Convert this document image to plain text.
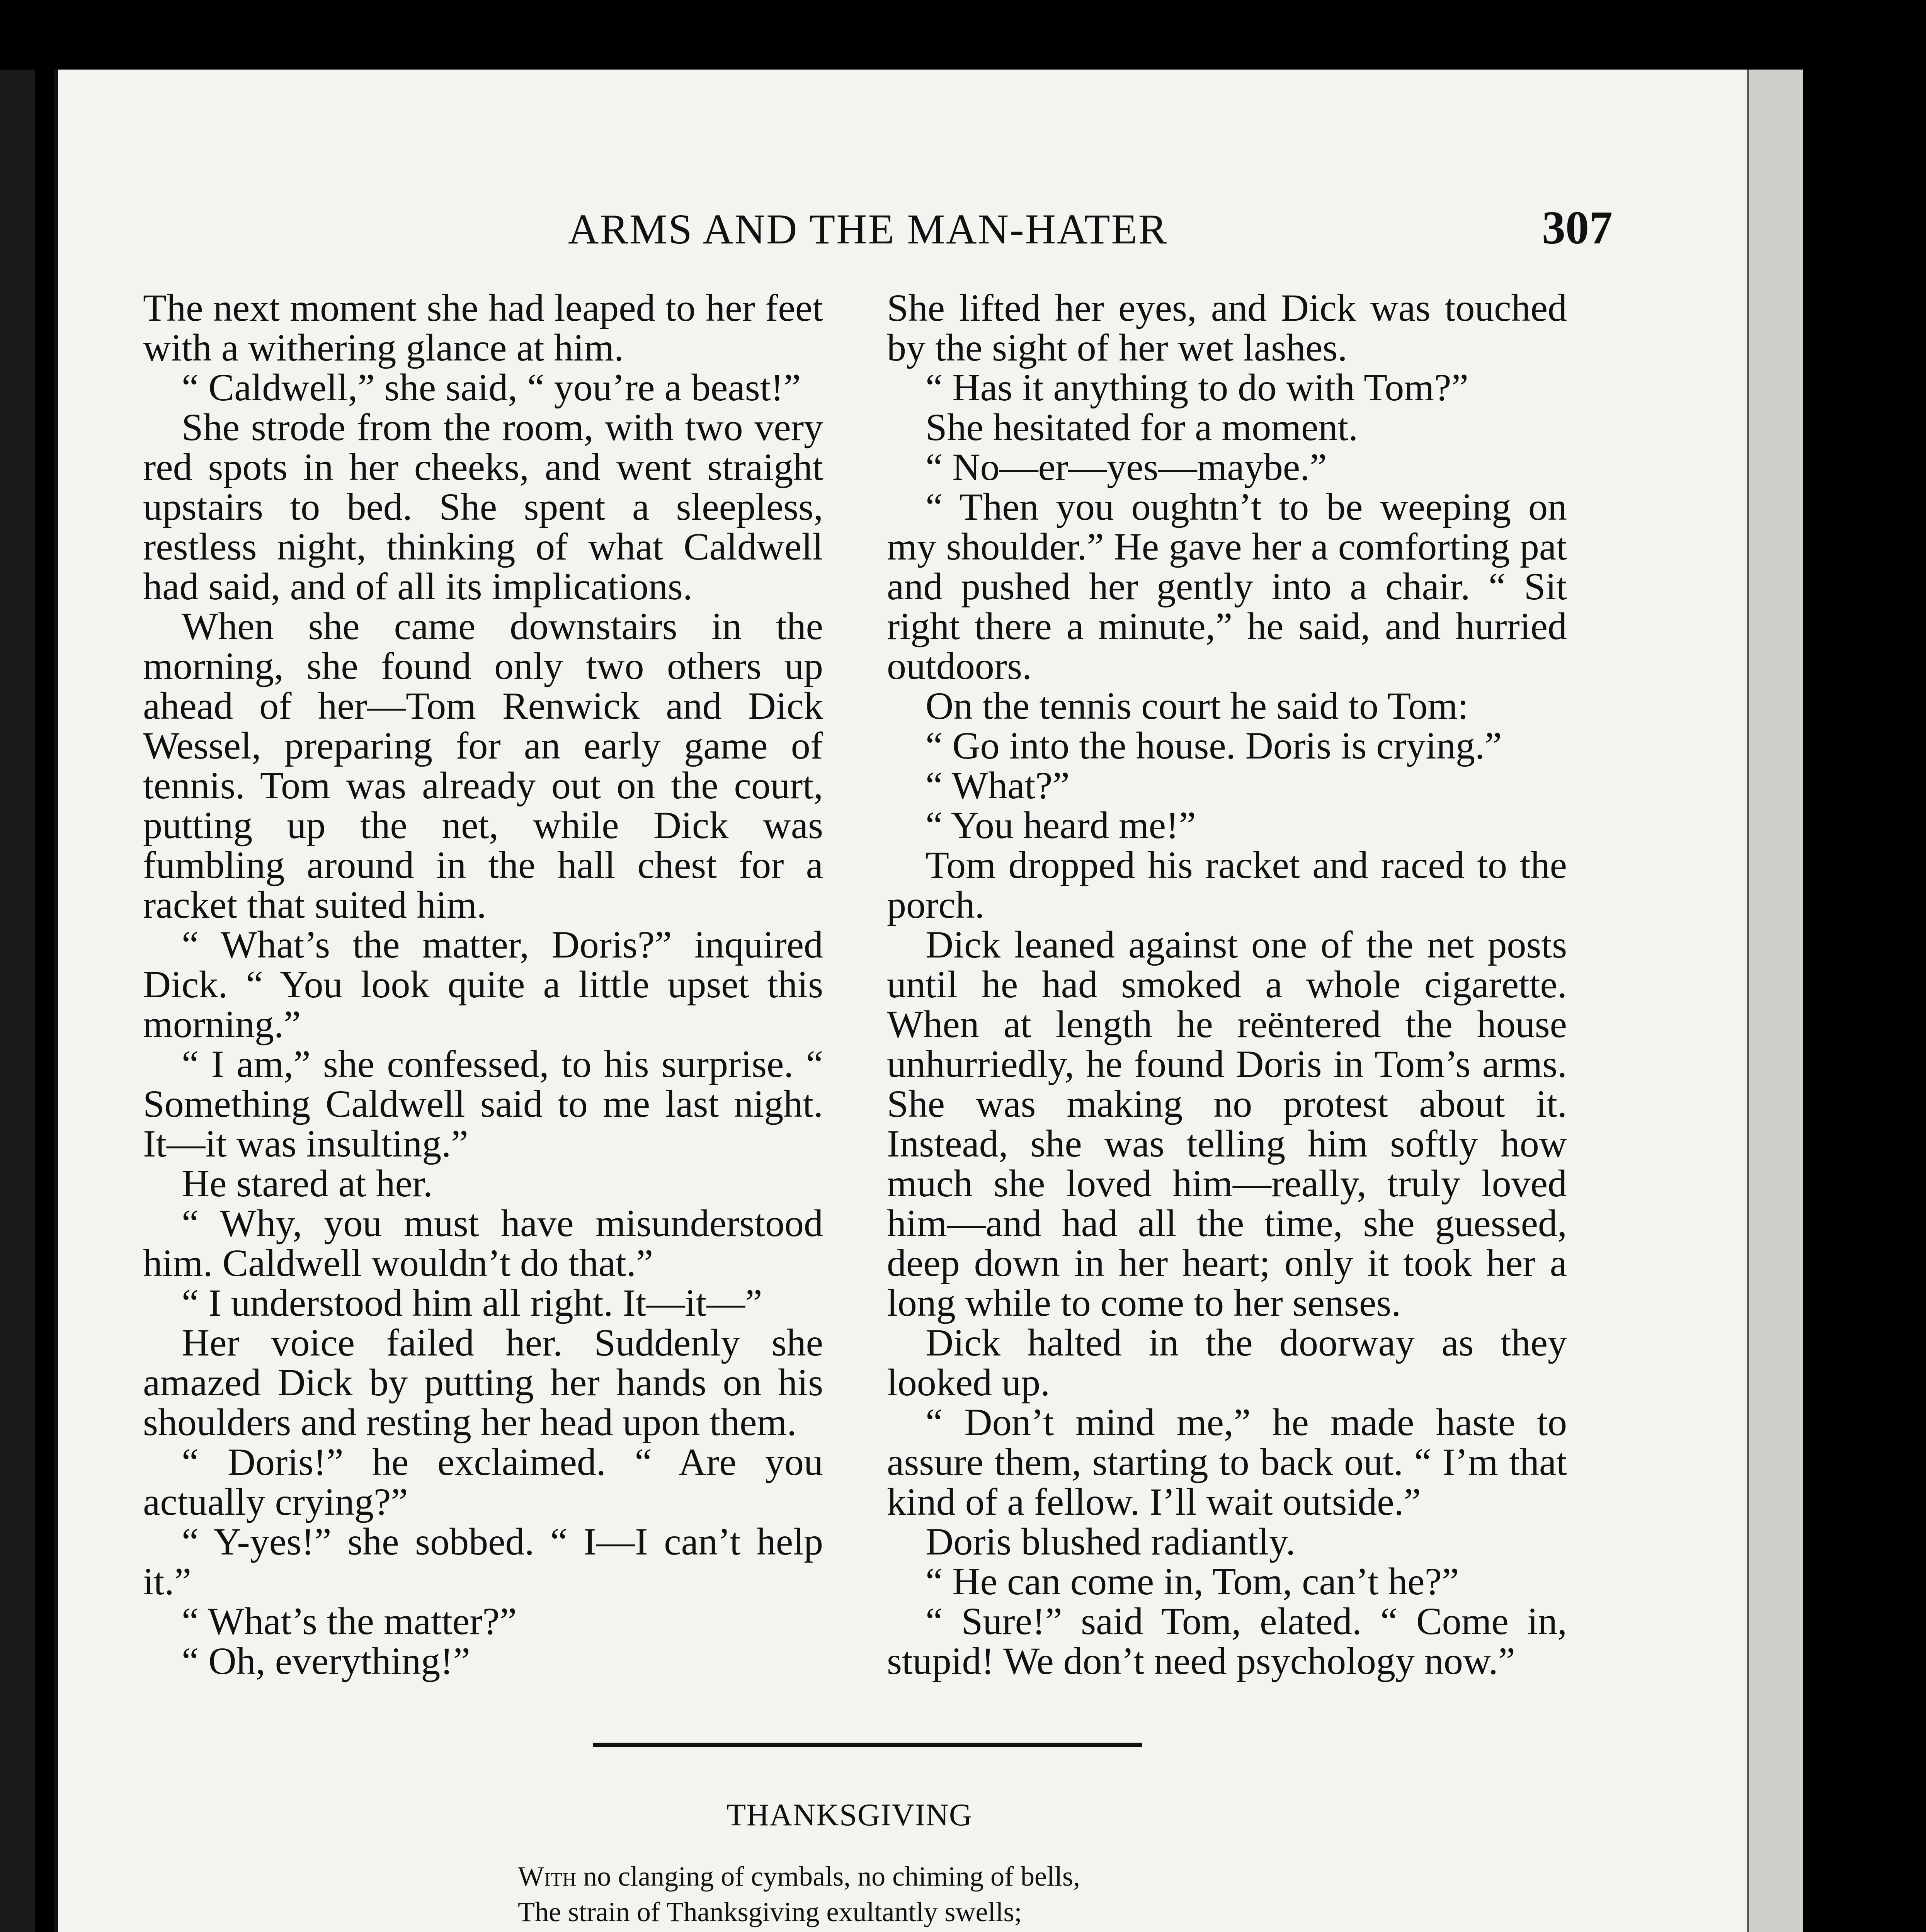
ARMS AND THE MAN-HATER	307

The next moment she had leaped to her feet with a withering glance at him.

“ Caldwell,” she said, “ you’re a beast!”

She strode from the room, with two very red spots in her cheeks, and went straight upstairs to bed. She spent a sleepless, restless night, thinking of what Caldwell had said, and of all its implications.

When she came downstairs in the morning, she found only two others up ahead of her—Tom Renwick and Dick Wessel, preparing for an early game of tennis. Tom was already out on the court, putting up the net, while Dick was fumbling around in the hall chest for a racket that suited him.

“ What’s the matter, Doris?” inquired Dick. “ You look quite a little upset this morning.”

“ I am,” she confessed, to his surprise. “ Something Caldwell said to me last night. It—it was insulting.”

He stared at her.

“ Why, you must have misunderstood him. Caldwell wouldn’t do that.”

“ I understood him all right. It—it—”

Her voice failed her. Suddenly she amazed Dick by putting her hands on his shoulders and resting her head upon them.

“ Doris!” he exclaimed. “ Are you actually crying?”

“ Y-yes!” she sobbed. “ I—I can’t help it.”

“ What’s the matter?”

“ Oh, everything!”

She lifted her eyes, and Dick was touched by the sight of her wet lashes.

“ Has it anything to do with Tom?”

She hesitated for a moment.

“ No—er—yes—maybe.”

“ Then you oughtn’t to be weeping on my shoulder.” He gave her a comforting pat and pushed her gently into a chair. “ Sit right there a minute,” he said, and hurried outdoors.

On the tennis court he said to Tom:

“ Go into the house. Doris is crying.”

“ What?”

“ You heard me!”

Tom dropped his racket and raced to the porch.

Dick leaned against one of the net posts until he had smoked a whole cigarette. When at length he reëntered the house unhurriedly, he found Doris in Tom’s arms. She was making no protest about it. Instead, she was telling him softly how much she loved him—really, truly loved him—and had all the time, she guessed, deep down in her heart; only it took her a long while to come to her senses.

Dick halted in the doorway as they looked up.

“ Don’t mind me,” he made haste to assure them, starting to back out. “ I’m that kind of a fellow. I’ll wait outside.”

Doris blushed radiantly.

“ He can come in, Tom, can’t he?”

“ Sure!” said Tom, elated. “ Come in, stupid! We don’t need psychology now.”

THANKSGIVING
With no clanging of cymbals, no chiming of bells,
The strain of Thanksgiving exultantly swells;
